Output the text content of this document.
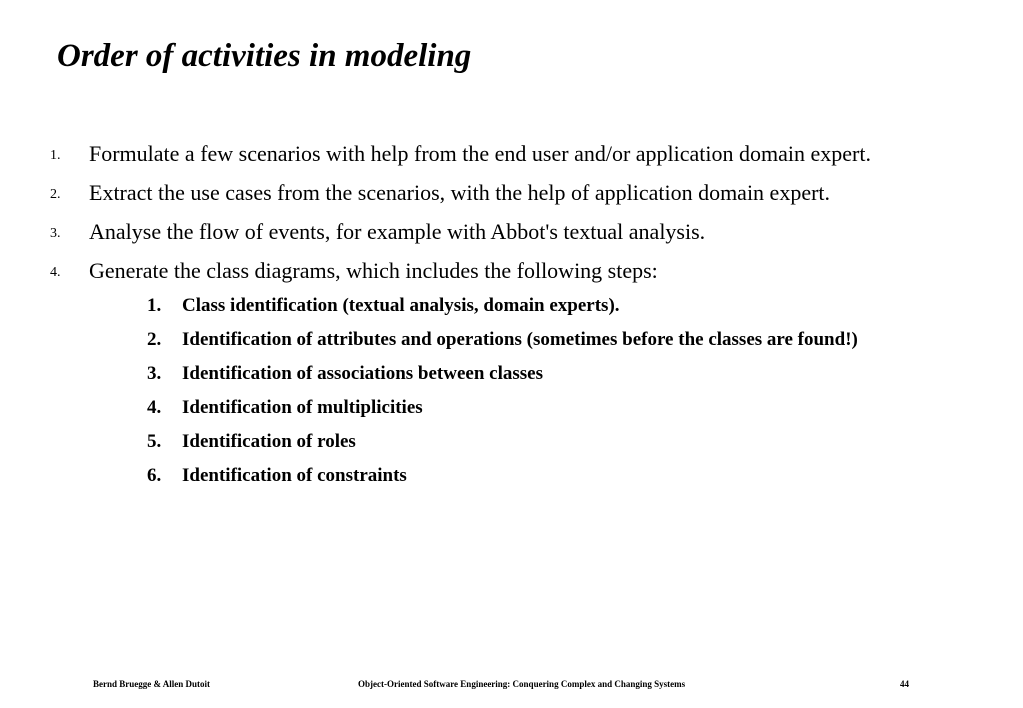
Order of activities in modeling
1.	Formulate a few scenarios with help from the end user and/or application domain expert.
2.	Extract the use cases from the scenarios, with the help of application domain expert.
3.	Analyse the flow of events, for example with Abbot's textual analysis.
4.	Generate the class diagrams, which includes the following steps:
1.	Class identification (textual analysis, domain experts).
2.	Identification of attributes and operations (sometimes before the classes are found!)
3.	Identification of associations between classes
4.	Identification of multiplicities
5.	Identification of roles
6.	Identification of constraints
Bernd Bruegge & Allen Dutoit	Object-Oriented Software Engineering: Conquering Complex and Changing Systems	44
